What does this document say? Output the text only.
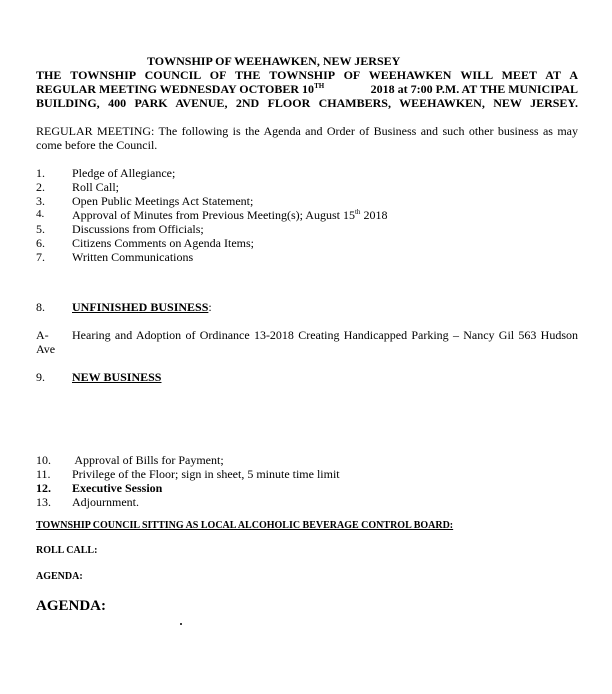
TOWNSHIP OF WEEHAWKEN, NEW JERSEY
THE TOWNSHIP COUNCIL OF THE TOWNSHIP OF WEEHAWKEN WILL MEET AT A
REGULAR MEETING WEDNESDAY OCTOBER 10TH	2018 at 7:00 P.M. AT THE MUNICIPAL
BUILDING, 400 PARK AVENUE, 2ND FLOOR CHAMBERS, WEEHAWKEN, NEW JERSEY.
REGULAR MEETING: The following is the Agenda and Order of Business and such other business as may
come before the Council.
1. Pledge of Allegiance;
2. Roll Call;
3. Open Public Meetings Act Statement;
4. Approval of Minutes from Previous Meeting(s); August 15th 2018
5. Discussions from Officials;
6. Citizens Comments on Agenda Items;
7. Written Communications
8. UNFINISHED BUSINESS:
A- Hearing and Adoption of Ordinance 13-2018 Creating Handicapped Parking – Nancy Gil 563 Hudson
Ave
9. NEW BUSINESS
10. Approval of Bills for Payment;
11. Privilege of the Floor; sign in sheet, 5 minute time limit
12. Executive Session
13. Adjournment.
TOWNSHIP COUNCIL SITTING AS LOCAL ALCOHOLIC BEVERAGE CONTROL BOARD:
ROLL CALL:
AGENDA:
AGENDA:
